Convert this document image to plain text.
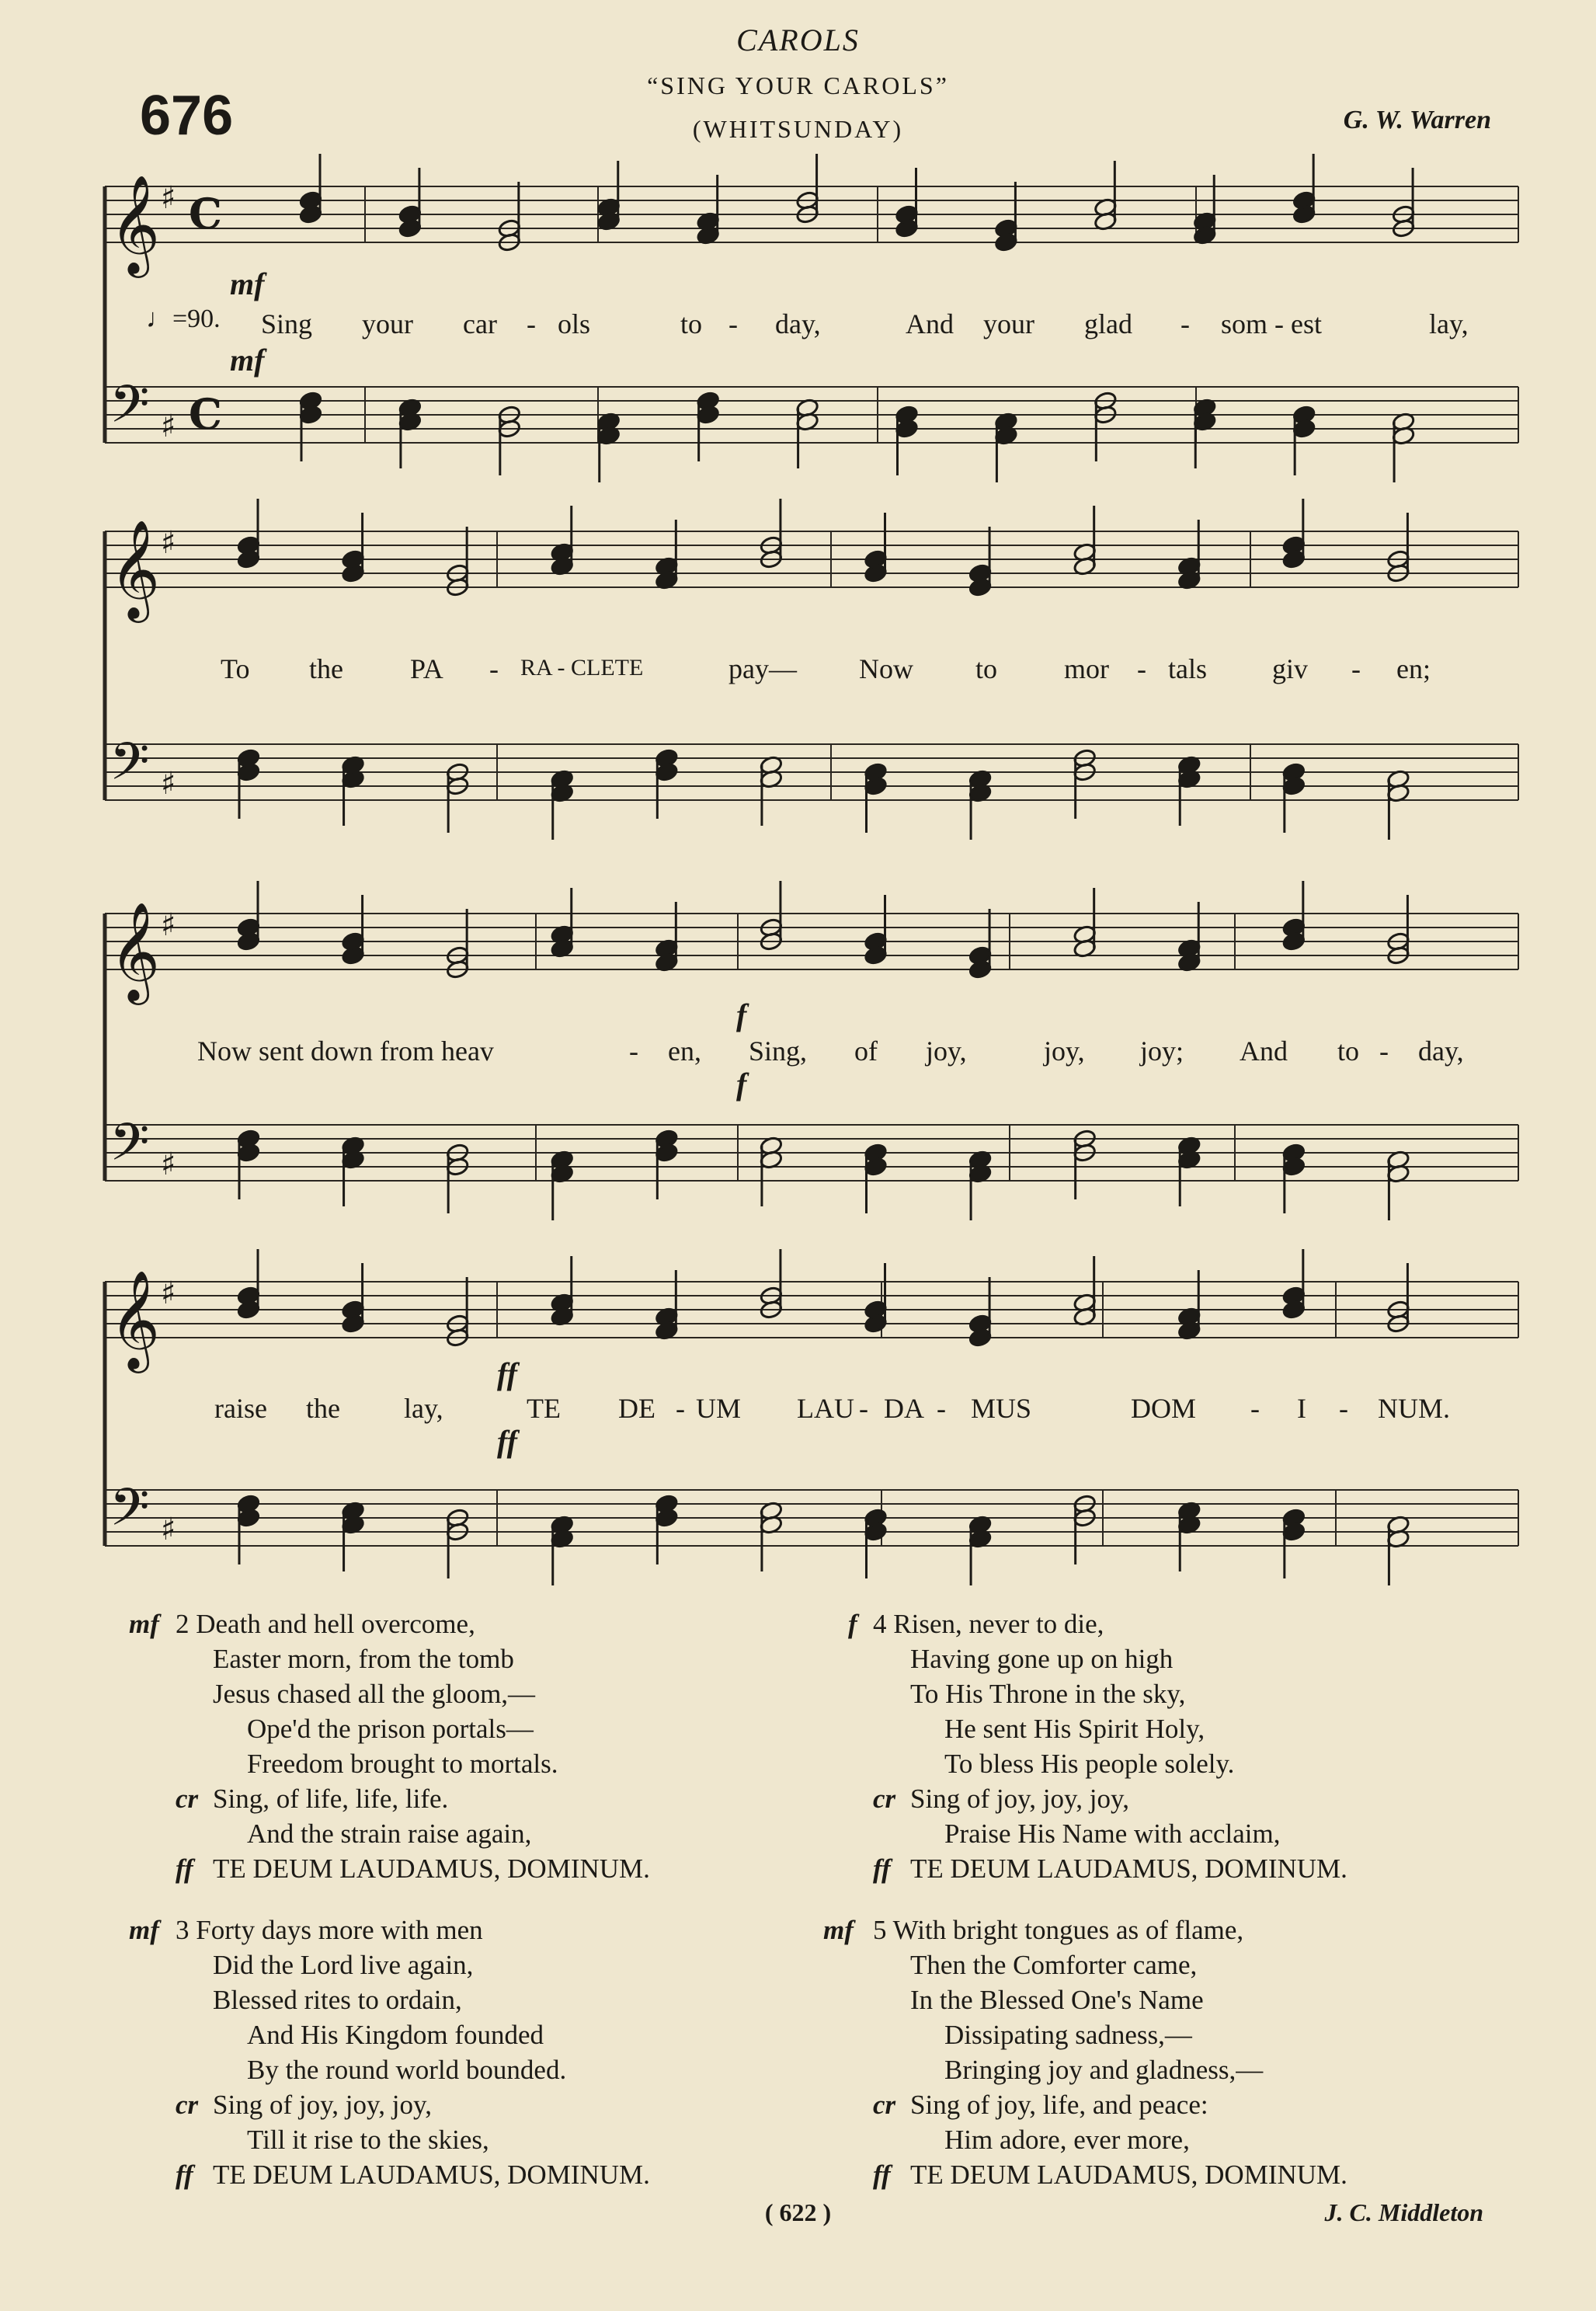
CAROLS
“SING YOUR CAROLS”
(WHITSUNDAY)
676	G. W. Warren
𝄞
𝄢
♯
♯
C
C
𝄞
𝄢
♯
♯
𝄞
𝄢
♯
♯
𝄞
𝄢
♯
♯
♩=90.
mf
mf
f
f
ff
ff
Sing your car - ols	to - day,	And your glad - som - est	lay,
To the PA - RA - CLETE	pay— Now to mor - tals giv - en;
Now sent down from heav	- en, Sing, of joy,	joy, joy; And to - day,
raise the lay,	TE DE - UM LAU - DA - MUS	DOM - I - NUM.
mf 2 Death and hell overcome,
Easter morn, from the tomb
Jesus chased all the gloom,—
Ope'd the prison portals—
Freedom brought to mortals.
cr Sing, of life, life, life.
And the strain raise again,
ff TE DEUM LAUDAMUS, DOMINUM.
mf 3 Forty days more with men
Did the Lord live again,
Blessed rites to ordain,
And His Kingdom founded
By the round world bounded.
cr Sing of joy, joy, joy,
Till it rise to the skies,
ff TE DEUM LAUDAMUS, DOMINUM.
f 4 Risen, never to die,
Having gone up on high
To His Throne in the sky,
He sent His Spirit Holy,
To bless His people solely.
cr Sing of joy, joy, joy,
Praise His Name with acclaim,
ff TE DEUM LAUDAMUS, DOMINUM.
mf 5 With bright tongues as of flame,
Then the Comforter came,
In the Blessed One's Name
Dissipating sadness,—
Bringing joy and gladness,—
cr Sing of joy, life, and peace:
Him adore, ever more,
ff TE DEUM LAUDAMUS, DOMINUM.
( 622 )	J. C. Middleton
